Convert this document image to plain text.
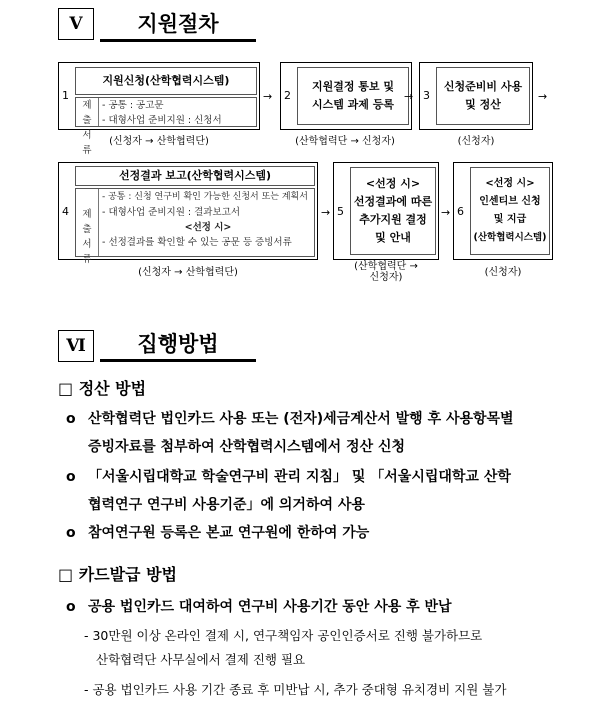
Ⅴ	지원절차
1
지원신청(산학협력시스템)
제출
서류
- 공통 : 공고문
- 대형사업 준비지원 : 신청서
(신청자 → 산학협력단)
→ 2
지원결정 통보 및
시스템 과제 등록
(산학협력단 → 신청자)
→ 3
신청준비비 사용
및 정산
(신청자)
→
4
선정결과 보고(산학협력시스템)
제출
서류
- 공통 : 신청 연구비 확인 가능한 신청서 또는 계획서
- 대형사업 준비지원 : 결과보고서
<선정 시>
- 선정결과를 확인할 수 있는 공문 등 증빙서류
(신청자 → 산학협력단)
→ 5
<선정 시>
선정결과에 따른
추가지원 결정
및 안내
(산학협력단 →
신청자)
→ 6
<선정 시>
인센티브 신청
및 지급
(산학협력시스템)
(신청자)
Ⅵ	집행방법
□ 정산 방법
o 산학협력단 법인카드 사용 또는 (전자)세금계산서 발행 후 사용항목별
증빙자료를 첨부하여 산학협력시스템에서 정산 신청
o 「서울시립대학교 학술연구비 관리 지침」 및 「서울시립대학교 산학
협력연구 연구비 사용기준」에 의거하여 사용
o 참여연구원 등록은 본교 연구원에 한하여 가능
□ 카드발급 방법
o 공용 법인카드 대여하여 연구비 사용기간 동안 사용 후 반납
- 30만원 이상 온라인 결제 시, 연구책임자 공인인증서로 진행 불가하므로
산학협력단 사무실에서 결제 진행 필요
- 공용 법인카드 사용 기간 종료 후 미반납 시, 추가 중대형 유치경비 지원 불가
